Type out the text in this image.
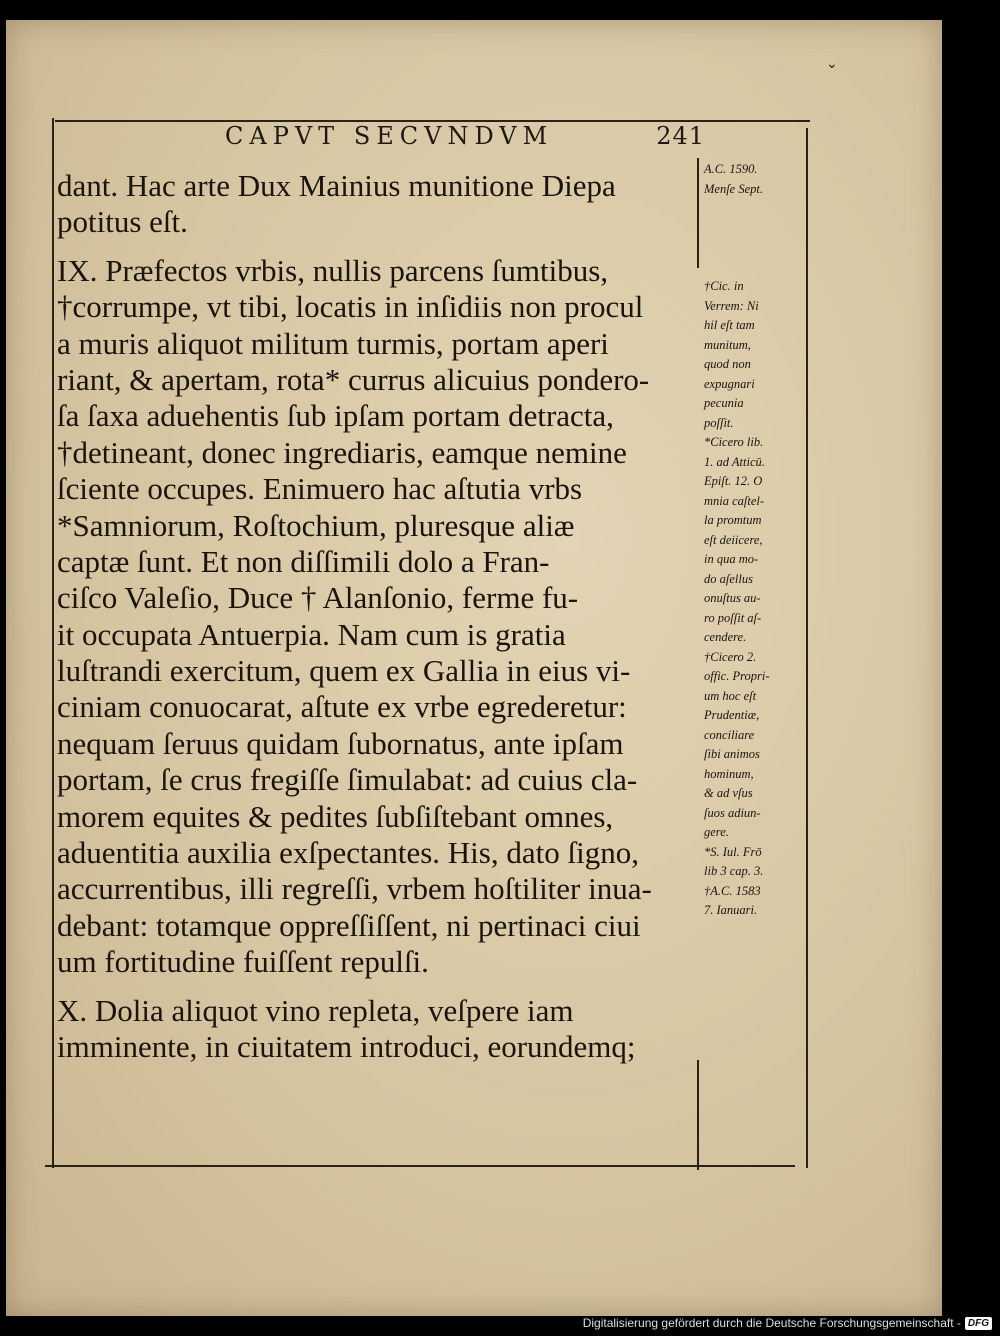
⌄
CAPVT SECVNDVM	241
dant. Hac arte Dux Mainius munitione Diepa
potitus eſt.
IX. Præfectos vrbis, nullis parcens ſumtibus,
†corrumpe, vt tibi, locatis in inſidiis non procul
a muris aliquot militum turmis, portam aperi
riant, & apertam, rota* currus alicuius pondero-
ſa ſaxa aduehentis ſub ipſam portam detracta,
†detineant, donec ingrediaris, eamque nemine
ſciente occupes. Enimuero hac aſtutia vrbs
*Samniorum, Roſtochium, pluresque aliæ
captæ ſunt. Et non diſſimili dolo a Fran-
ciſco Valeſio, Duce † Alanſonio, ferme fu-
it occupata Antuerpia. Nam cum is gratia
luſtrandi exercitum, quem ex Gallia in eius vi-
ciniam conuocarat, aſtute ex vrbe egrederetur:
nequam ſeruus quidam ſubornatus, ante ipſam
portam, ſe crus fregiſſe ſimulabat: ad cuius cla-
morem equites & pedites ſubſiſtebant omnes,
aduentitia auxilia exſpectantes. His, dato ſigno,
accurrentibus, illi regreſſi, vrbem hoſtiliter inua-
debant: totamque oppreſſiſſent, ni pertinaci ciui
um fortitudine fuiſſent repulſi.
X. Dolia aliquot vino repleta, veſpere iam
imminente, in ciuitatem introduci, eorundemq;
A.C. 1590.
Menſe Sept.
†Cic. in
Verrem: Ni
hil eſt tam
munitum,
quod non
expugnari
pecunia
poſſit.
*Cicero lib.
1. ad Atticū.
Epiſt. 12. O
mnia caſtel-
la promtum
eſt deiicere,
in qua mo-
do aſellus
onuſtus au-
ro poſſit aſ-
cendere.
†Cicero 2.
offic. Propri-
um hoc eſt
Prudentiæ,
conciliare
ſibi animos
hominum,
& ad vſus
ſuos adiun-
gere.
*S. Iul. Frō
lib 3 cap. 3.
†A.C. 1583
7. Ianuari.
Digitalisierung gefördert durch die Deutsche Forschungsgemeinschaft - DFG
